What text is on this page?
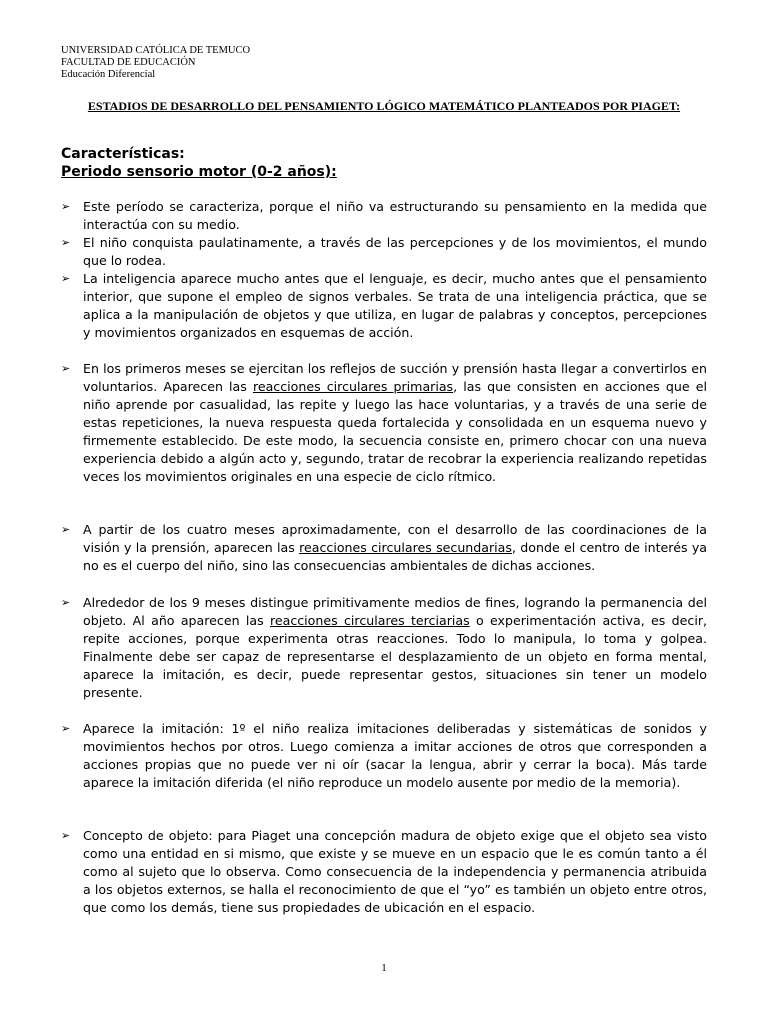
UNIVERSIDAD CATÓLICA DE TEMUCO
FACULTAD DE EDUCACIÓN
Educación Diferencial
ESTADIOS DE DESARROLLO DEL PENSAMIENTO LÓGICO MATEMÁTICO PLANTEADOS POR PIAGET:
Características:
Periodo sensorio motor (0-2 años):
➢ Este período se caracteriza, porque el niño va estructurando su pensamiento en la medida que interactúa con su medio.
➢ El niño conquista paulatinamente, a través de las percepciones y de los movimientos, el mundo que lo rodea.
➢ La inteligencia aparece mucho antes que el lenguaje, es decir, mucho antes que el pensamiento interior, que supone el empleo de signos verbales. Se trata de una inteligencia práctica, que se aplica a la manipulación de objetos y que utiliza, en lugar de palabras y conceptos, percepciones y movimientos organizados en esquemas de acción.
➢ En los primeros meses se ejercitan los reflejos de succión y prensión hasta llegar a convertirlos en voluntarios. Aparecen las reacciones circulares primarias, las que consisten en acciones que el niño aprende por casualidad, las repite y luego las hace voluntarias, y a través de una serie de estas repeticiones, la nueva respuesta queda fortalecida y consolidada en un esquema nuevo y firmemente establecido. De este modo, la secuencia consiste en, primero chocar con una nueva experiencia debido a algún acto y, segundo, tratar de recobrar la experiencia realizando repetidas veces los movimientos originales en una especie de ciclo rítmico.
➢ A partir de los cuatro meses aproximadamente, con el desarrollo de las coordinaciones de la visión y la prensión, aparecen las reacciones circulares secundarias, donde el centro de interés ya no es el cuerpo del niño, sino las consecuencias ambientales de dichas acciones.
➢ Alrededor de los 9 meses distingue primitivamente medios de fines, logrando la permanencia del objeto. Al año aparecen las reacciones circulares terciarias o experimentación activa, es decir, repite acciones, porque experimenta otras reacciones. Todo lo manipula, lo toma y golpea. Finalmente debe ser capaz de representarse el desplazamiento de un objeto en forma mental, aparece la imitación, es decir, puede representar gestos, situaciones sin tener un modelo presente.
➢ Aparece la imitación: 1º el niño realiza imitaciones deliberadas y sistemáticas de sonidos y movimientos hechos por otros. Luego comienza a imitar acciones de otros que corresponden a acciones propias que no puede ver ni oír (sacar la lengua, abrir y cerrar la boca). Más tarde aparece la imitación diferida (el niño reproduce un modelo ausente por medio de la memoria).
➢ Concepto de objeto: para Piaget una concepción madura de objeto exige que el objeto sea visto como una entidad en si mismo, que existe y se mueve en un espacio que le es común tanto a él como al sujeto que lo observa. Como consecuencia de la independencia y permanencia atribuida a los objetos externos, se halla el reconocimiento de que el “yo” es también un objeto entre otros, que como los demás, tiene sus propiedades de ubicación en el espacio.
1
